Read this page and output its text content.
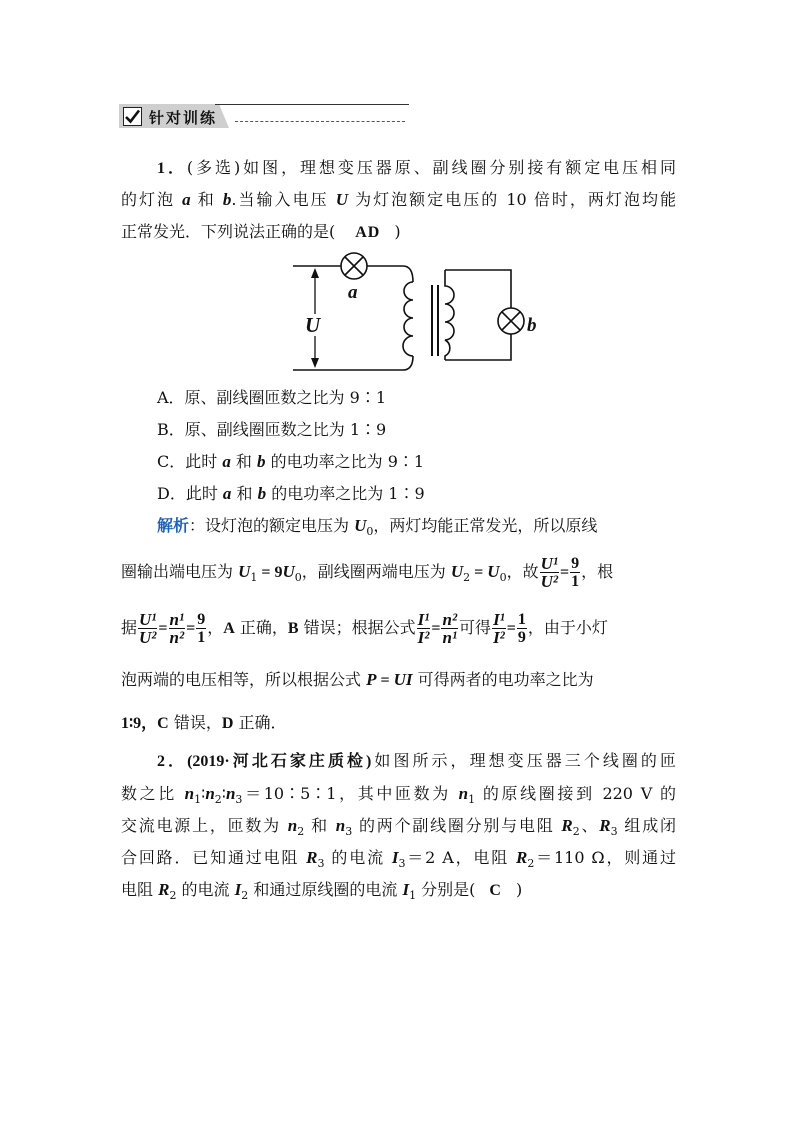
针对训练
1．(多选)如图，理想变压器原、副线圈分别接有额定电压相同
的灯泡 a 和 b.当输入电压 U 为灯泡额定电压的 10 倍时，两灯泡均能
正常发光．下列说法正确的是( AD )
a
U	b
A．原、副线圈匝数之比为 9∶1
B．原、副线圈匝数之比为 1∶9
C．此时 a 和 b 的电功率之比为 9∶1
D．此时 a 和 b 的电功率之比为 1∶9
解析：设灯泡的额定电压为 $U_0$，两灯均能正常发光，所以原线
圈输出端电压为 $U_1 = 9U_0$，副线圈两端电压为 $U_2 = U_0$，故 $\frac{\text{U¹}}{\text{U²}} = \frac{9}{1}$ ，根
据 $\frac{\text{U¹}}{\text{U²}} = \frac{\text{n¹}}{\text{n²}} = \frac{9}{1}$ ，A 正确，B 错误；根据公式 $\frac{\text{I¹}}{\text{I²}} = \frac{\text{n²}}{\text{n¹}}$ 可得 $\frac{\text{I¹}}{\text{I²}} = \frac{1}{9}$ ，由于小灯
泡两端的电压相等，所以根据公式 P = UI 可得两者的电功率之比为
1∶9，C 错误，D 正确．
2．(2019·河北石家庄质检)如图所示，理想变压器三个线圈的匝
数之比 $n_1∶n_2∶n_3=10∶5∶1$，其中匝数为 $n_1$ 的原线圈接到 220 V 的
交流电源上，匝数为 $n_2$ 和 $n_3$ 的两个副线圈分别与电阻 $R_2$、$R_3$ 组成闭
合回路．已知通过电阻 $R_3$ 的电流 $I_3=2$ A，电阻 $R_2=110$ Ω，则通过
电阻 $R_2$ 的电流 $I_2$ 和通过原线圈的电流 $I_1$ 分别是( C )
